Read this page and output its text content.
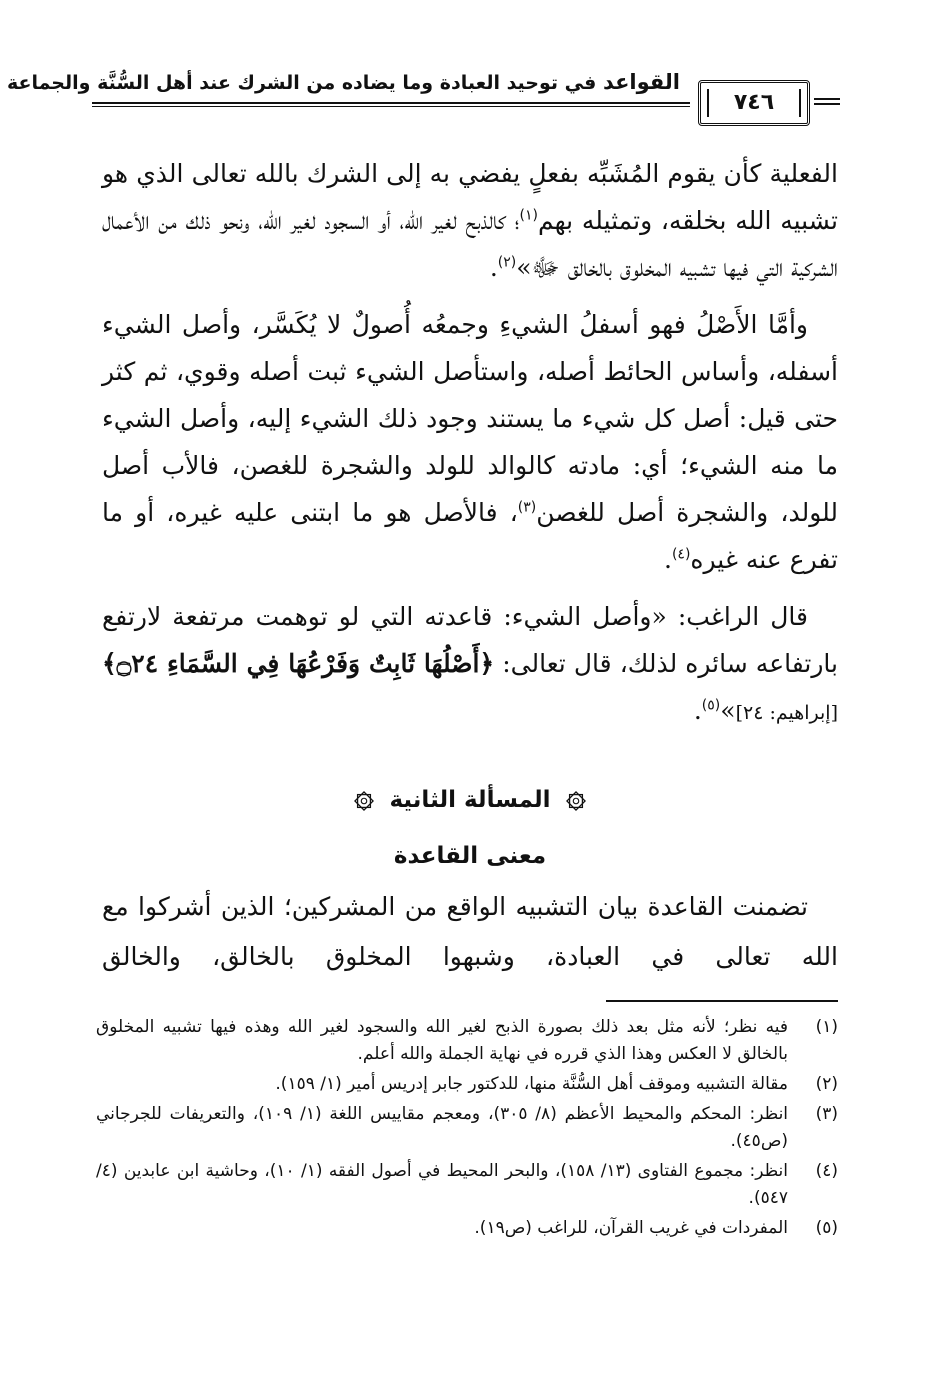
القواعد في توحيد العبادة وما يضاده من الشرك عند أهل السُّنَّة والجماعة
٧٤٦

الفعلية كأن يقوم المُشَبِّه بفعلٍ يفضي به إلى الشرك بالله تعالى الذي هو تشبيه الله بخلقه، وتمثيله بهم$^{(١)}$؛ كالذبح لغير الله، أو السجود لغير الله، ونحو ذلك من الأعمال الشركية التي فيها تشبيه المخلوق بالخالق ﷻ»$^{(٢)}$.

وأمَّا الأَصْلُ فهو أسفلُ الشيءِ وجمعُه أُصولٌ لا يُكَسَّر، وأصل الشيء أسفله، وأساس الحائط أصله، واستأصل الشيء ثبت أصله وقوي، ثم كثر حتى قيل: أصل كل شيء ما يستند وجود ذلك الشيء إليه، وأصل الشيء ما منه الشيء؛ أي: مادته كالوالد للولد والشجرة للغصن، فالأب أصل للولد، والشجرة أصل للغصن$^{(٣)}$، فالأصل هو ما ابتنى عليه غيره، أو ما تفرع عنه غيره$^{(٤)}$.

قال الراغب: «وأصل الشيء: قاعدته التي لو توهمت مرتفعة لارتفع بارتفاعه سائره لذلك، قال تعالى: ﴿أَصْلُهَا ثَابِتٌ وَفَرْعُهَا فِي السَّمَاءِ ۝٢٤﴾ [إبراهيم: ٢٤]»$^{(٥)}$.

المسألة الثانية
معنى القاعدة

تضمنت القاعدة بيان التشبيه الواقع من المشركين؛ الذين أشركوا مع الله تعالى في العبادة، وشبهوا المخلوق بالخالق، والخالق

(١)
فيه نظر؛ لأنه مثل بعد ذلك بصورة الذبح لغير الله والسجود لغير الله وهذه فيها تشبيه المخلوق بالخالق لا العكس وهذا الذي قرره في نهاية الجملة والله أعلم.
(٢)
مقالة التشبيه وموقف أهل السُّنَّة منها، للدكتور جابر إدريس أمير (١/ ١٥٩).
(٣)
انظر: المحكم والمحيط الأعظم (٨/ ٣٠٥)، ومعجم مقاييس اللغة (١/ ١٠٩)، والتعريفات للجرجاني (ص٤٥).
(٤)
انظر: مجموع الفتاوى (١٣/ ١٥٨)، والبحر المحيط في أصول الفقه (١/ ١٠)، وحاشية ابن عابدين (٤/ ٥٤٧).
(٥)
المفردات في غريب القرآن، للراغب (ص١٩).
